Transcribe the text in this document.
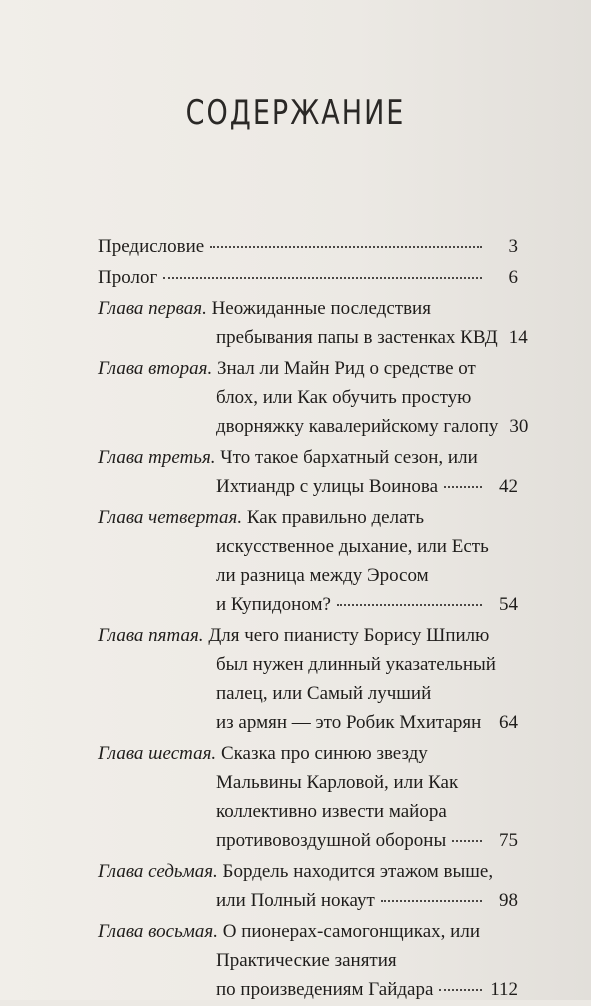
СОДЕРЖАНИЕ
Предисловие	3
Пролог	6
Глава первая.
Неожиданные последствия
пребывания папы в застенках КВД 14
Глава вторая.
Знал ли Майн Рид о средстве от
блох, или Как обучить простую
дворняжку кавалерийскому галопу 30
Глава третья.
Что такое бархатный сезон, или
Ихтиандр с улицы Воинова	42
Глава четвертая.
Как правильно делать
искусственное дыхание, или Есть
ли разница между Эросом
и Купидоном?	54
Глава пятая.
Для чего пианисту Борису Шпилю
был нужен длинный указательный
палец, или Самый лучший
из армян — это Робик Мхитарян 64
Глава шестая.
Сказка про синюю звезду
Мальвины Карловой, или Как
коллективно извести майора
противовоздушной обороны	75
Глава седьмая.
Бордель находится этажом выше,
или Полный нокаут	98
Глава восьмая.
О пионерах-самогонщиках, или
Практические занятия
по произведениям Гайдара	112
